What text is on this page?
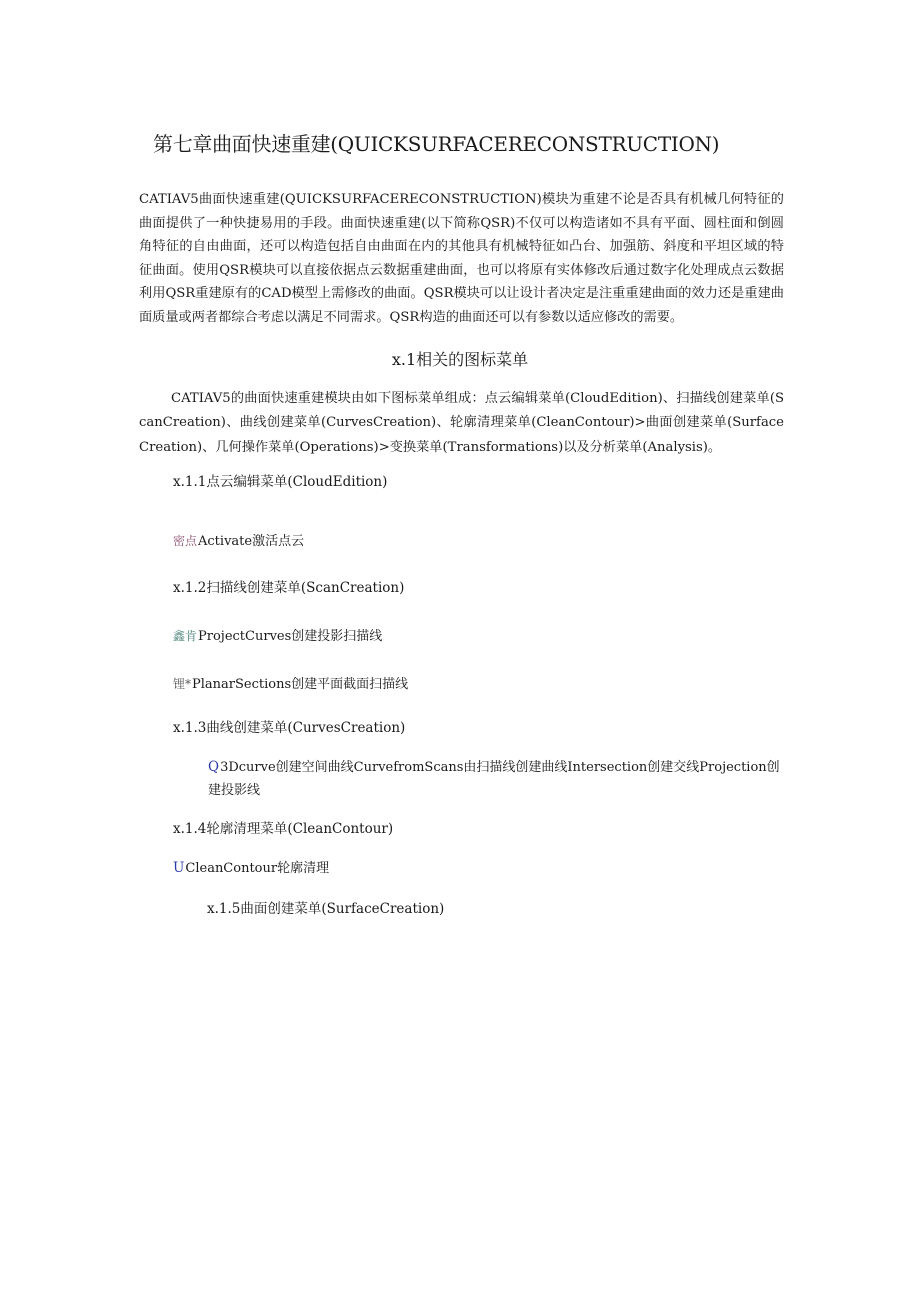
第七章曲面快速重建(QUICKSURFACERECONSTRUCTION)

CATIAV5曲面快速重建(QUICKSURFACERECONSTRUCTION)模块为重建不论是否具有机械几何特征的曲面提供了一种快捷易用的手段。曲面快速重建(以下简称QSR)不仅可以构造诸如不具有平面、圆柱面和倒圆角特征的自由曲面，还可以构造包括自由曲面在内的其他具有机械特征如凸台、加强筋、斜度和平坦区域的特征曲面。使用QSR模块可以直接依据点云数据重建曲面，也可以将原有实体修改后通过数字化处理成点云数据利用QSR重建原有的CAD模型上需修改的曲面。QSR模块可以让设计者决定是注重重建曲面的效力还是重建曲面质量或两者都综合考虑以满足不同需求。QSR构造的曲面还可以有参数以适应修改的需要。

x.1相关的图标菜单

CATIAV5的曲面快速重建模块由如下图标菜单组成：点云编辑菜单(CloudEdition)、扫描线创建菜单(ScanCreation)、曲线创建菜单(CurvesCreation)、轮廓清理菜单(CleanContour)>曲面创建菜单(SurfaceCreation)、几何操作菜单(Operations)>变换菜单(Transformations)以及分析菜单(Analysis)。

x.1.1点云编辑菜单(CloudEdition)
密点Activate激活点云
x.1.2扫描线创建菜单(ScanCreation)
鑫肯ProjectCurves创建投影扫描线
锂*PlanarSections创建平面截面扫描线
x.1.3曲线创建菜单(CurvesCreation)

Q3Dcurve创建空间曲线CurvefromScans由扫描线创建曲线Intersection创建交线Projection创建投影线

x.1.4轮廓清理菜单(CleanContour)
UCleanContour轮廓清理
x.1.5曲面创建菜单(SurfaceCreation)
